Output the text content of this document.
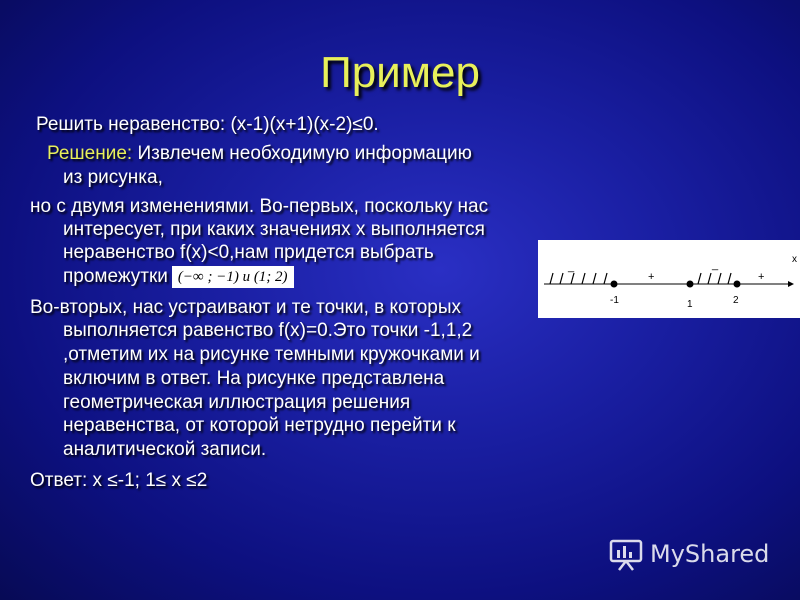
Пример
Решить неравенство: (x-1)(x+1)(x-2)≤0.
Решение: Извлечем необходимую информацию
из рисунка,
но с двумя изменениями. Во-первых, поскольку нас
интересует, при каких значениях x выполняется
неравенство f(x)<0,нам придется выбрать
промежутки (−∞ ; −1) u (1; 2)
Во-вторых, нас устраивают и те точки, в которых
выполняется равенство f(x)=0.Это точки -1,1,2
,отметим их на рисунке темными кружочками и
включим в ответ. На рисунке представлена
геометрическая иллюстрация решения
неравенства, от которой нетрудно перейти к
аналитической записи.
Ответ: x ≤-1; 1≤ x ≤2
x
-1	1	2
_
+
_
+
MyShared
